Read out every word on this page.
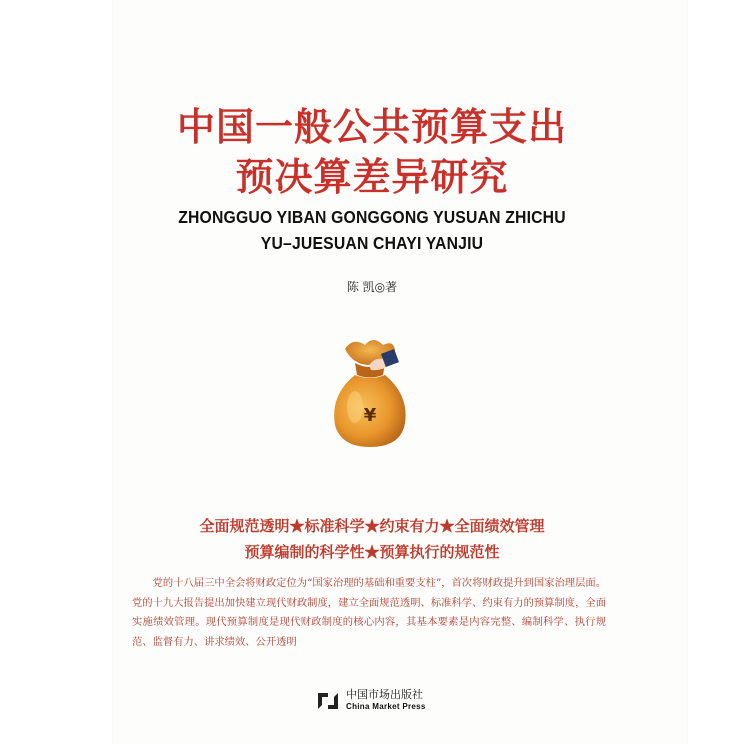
中国一般公共预算支出
预决算差异研究
ZHONGGUO YIBAN GONGGONG YUSUAN ZHICHU
YU–JUESUAN CHAYI YANJIU
陈 凯◎著
¥
全面规范透明★标准科学★约束有力★全面绩效管理
预算编制的科学性★预算执行的规范性
党的十八届三中全会将财政定位为“国家治理的基础和重要支柱”，首次将财政提升到国家治理层面。党的十九大报告提出加快建立现代财政制度，建立全面规范透明、标准科学、约束有力的预算制度，全面实施绩效管理。现代预算制度是现代财政制度的核心内容，其基本要素是内容完整、编制科学、执行规范、监督有力、讲求绩效、公开透明
中国市场出版社
China Market Press
